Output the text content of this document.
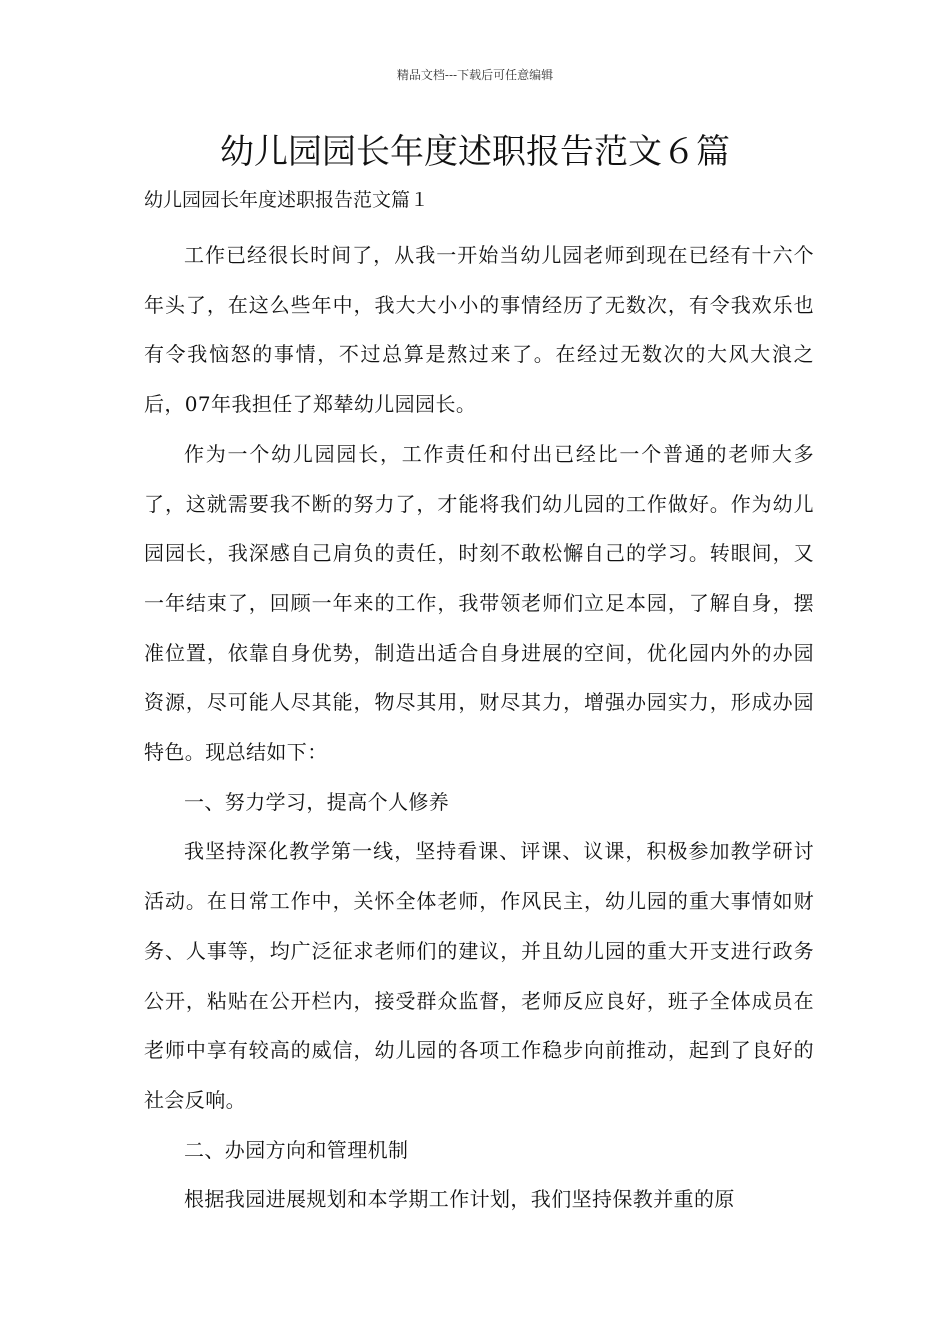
精品文档---下载后可任意编辑
幼儿园园长年度述职报告范文６篇
幼儿园园长年度述职报告范文篇１

工作已经很长时间了，从我一开始当幼儿园老师到现在已经有十六个年头了，在这么些年中，我大大小小的事情经历了无数次，有令我欢乐也有令我恼怒的事情，不过总算是熬过来了。在经过无数次的大风大浪之后，07年我担任了郑辇幼儿园园长。

作为一个幼儿园园长，工作责任和付出已经比一个普通的老师大多了，这就需要我不断的努力了，才能将我们幼儿园的工作做好。作为幼儿园园长，我深感自己肩负的责任，时刻不敢松懈自己的学习。转眼间，又一年结束了，回顾一年来的工作，我带领老师们立足本园，了解自身，摆准位置，依靠自身优势，制造出适合自身进展的空间，优化园内外的办园资源，尽可能人尽其能，物尽其用，财尽其力，增强办园实力，形成办园特色。现总结如下：

一、努力学习，提高个人修养

我坚持深化教学第一线，坚持看课、评课、议课，积极参加教学研讨活动。在日常工作中，关怀全体老师，作风民主，幼儿园的重大事情如财务、人事等，均广泛征求老师们的建议，并且幼儿园的重大开支进行政务公开，粘贴在公开栏内，接受群众监督，老师反应良好，班子全体成员在老师中享有较高的威信，幼儿园的各项工作稳步向前推动，起到了良好的社会反响。

二、办园方向和管理机制

根据我园进展规划和本学期工作计划，我们坚持保教并重的原
